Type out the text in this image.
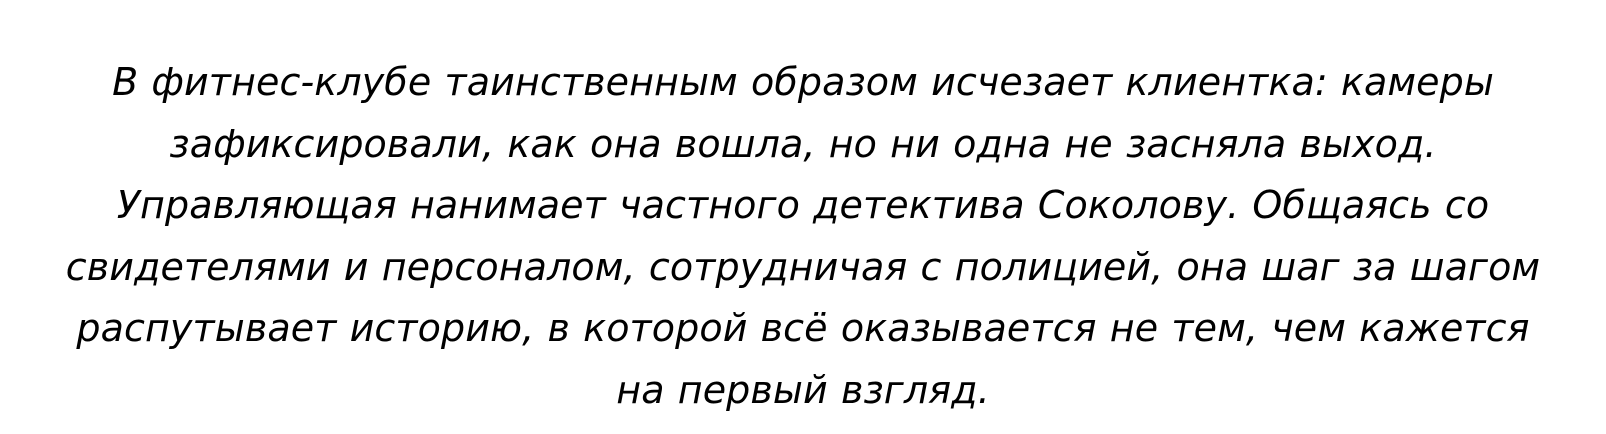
В фитнес-клубе таинственным образом исчезает клиентка: камеры зафиксировали, как она вошла, но ни одна не засняла выход. Управляющая нанимает частного детектива Соколову. Общаясь со свидетелями и персоналом, сотрудничая с полицией, она шаг за шагом распутывает историю, в которой всё оказывается не тем, чем кажется на первый взгляд.
